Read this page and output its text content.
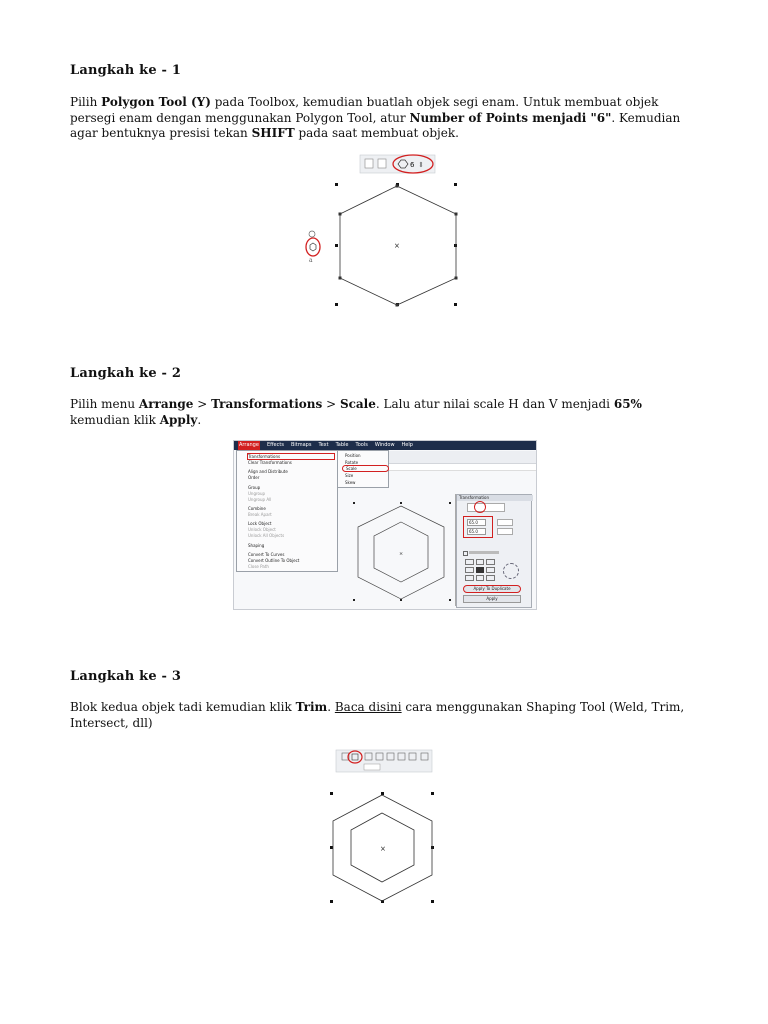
Langkah ke - 1
Pilih Polygon Tool (Y) pada Toolbox, kemudian buatlah objek segi enam. Untuk membuat objek persegi enam dengan menggunakan Polygon Tool, atur Number of Points menjadi "6". Kemudian agar bentuknya presisi tekan SHIFT pada saat membuat objek.
6 ⇕
×
a
Langkah ke - 2
Pilih menu Arrange > Transformations > Scale. Lalu atur nilai scale H dan V menjadi 65%
kemudian klik Apply.
Arrange Effects Bitmaps Text Table Tools Window Help
Transformations
Clear Transformations
Align and Distribute
Order
Group
Ungroup
Ungroup All
Combine
Break Apart
Lock Object
Unlock Object
Unlock All Objects
Shaping
Convert To Curves
Convert Outline To Object
Close Path
Position
Rotate
Scale
Size
Skew
×
Transformation
65.0
65.0
Apply To Duplicate
Apply
Langkah ke - 3
Blok kedua objek tadi kemudian klik Trim. Baca disini cara menggunakan Shaping Tool (Weld, Trim, Intersect, dll)
×
